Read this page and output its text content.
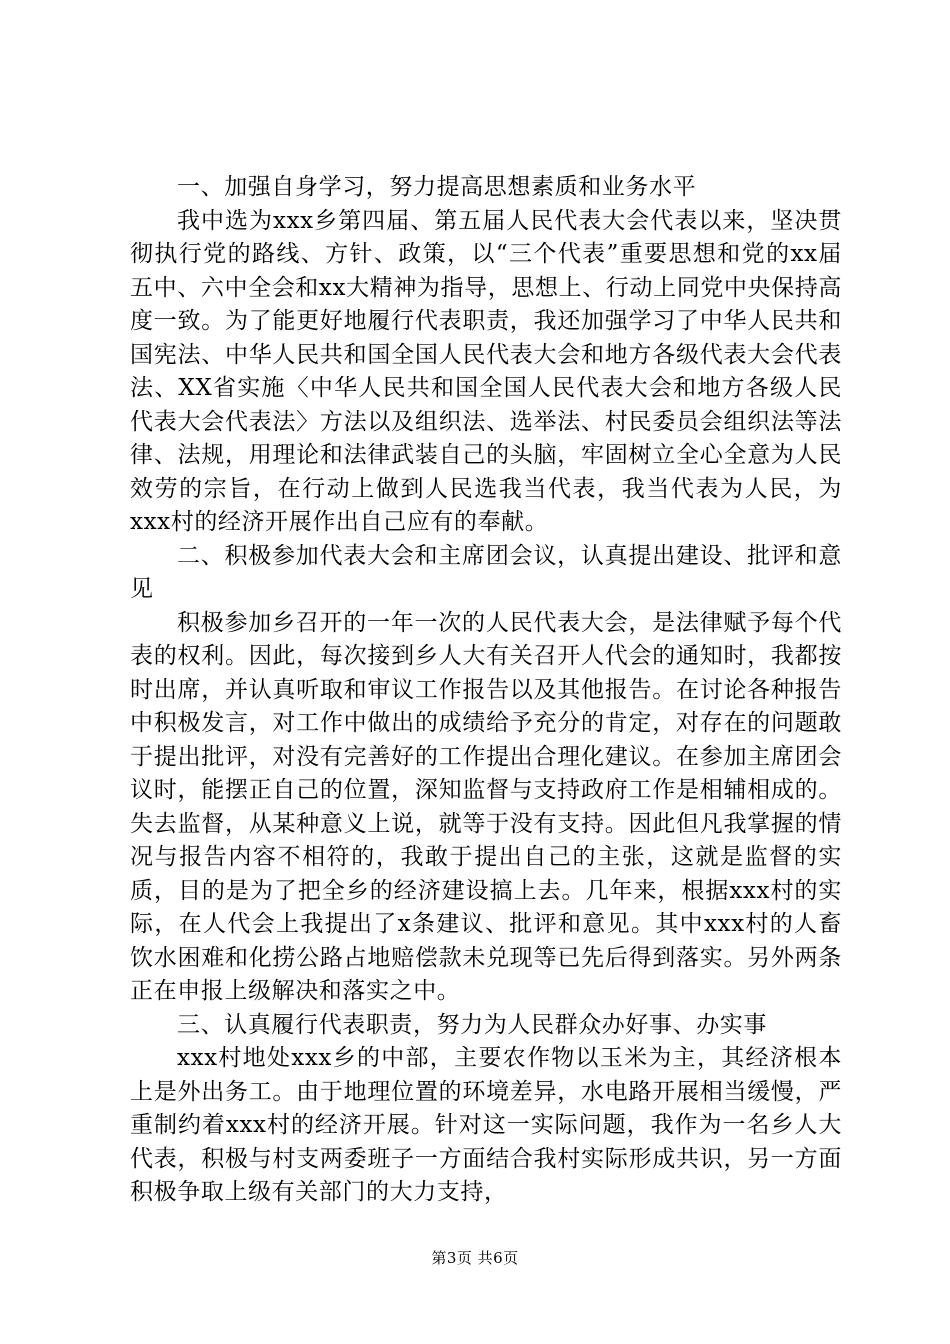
一、加强自身学习，努力提高思想素质和业务水平

我中选为xxx乡第四届、第五届人民代表大会代表以来，坚决贯彻执行党的路线、方针、政策，以“三个代表”重要思想和党的xx届五中、六中全会和xx大精神为指导，思想上、行动上同党中央保持高度一致。为了能更好地履行代表职责，我还加强学习了中华人民共和国宪法、中华人民共和国全国人民代表大会和地方各级代表大会代表法、XX省实施〈中华人民共和国全国人民代表大会和地方各级人民代表大会代表法〉方法以及组织法、选举法、村民委员会组织法等法律、法规，用理论和法律武装自己的头脑，牢固树立全心全意为人民效劳的宗旨，在行动上做到人民选我当代表，我当代表为人民，为xxx村的经济开展作出自己应有的奉献。

二、积极参加代表大会和主席团会议，认真提出建设、批评和意见

积极参加乡召开的一年一次的人民代表大会，是法律赋予每个代表的权利。因此，每次接到乡人大有关召开人代会的通知时，我都按时出席，并认真听取和审议工作报告以及其他报告。在讨论各种报告中积极发言，对工作中做出的成绩给予充分的肯定，对存在的问题敢于提出批评，对没有完善好的工作提出合理化建议。在参加主席团会议时，能摆正自己的位置，深知监督与支持政府工作是相辅相成的。失去监督，从某种意义上说，就等于没有支持。因此但凡我掌握的情况与报告内容不相符的，我敢于提出自己的主张，这就是监督的实质，目的是为了把全乡的经济建设搞上去。几年来，根据xxx村的实际，在人代会上我提出了x条建议、批评和意见。其中xxx村的人畜饮水困难和化捞公路占地赔偿款未兑现等已先后得到落实。另外两条正在申报上级解决和落实之中。

三、认真履行代表职责，努力为人民群众办好事、办实事

xxx村地处xxx乡的中部，主要农作物以玉米为主，其经济根本上是外出务工。由于地理位置的环境差异，水电路开展相当缓慢，严重制约着xxx村的经济开展。针对这一实际问题，我作为一名乡人大代表，积极与村支两委班子一方面结合我村实际形成共识，另一方面积极争取上级有关部门的大力支持，

第3页 共6页
